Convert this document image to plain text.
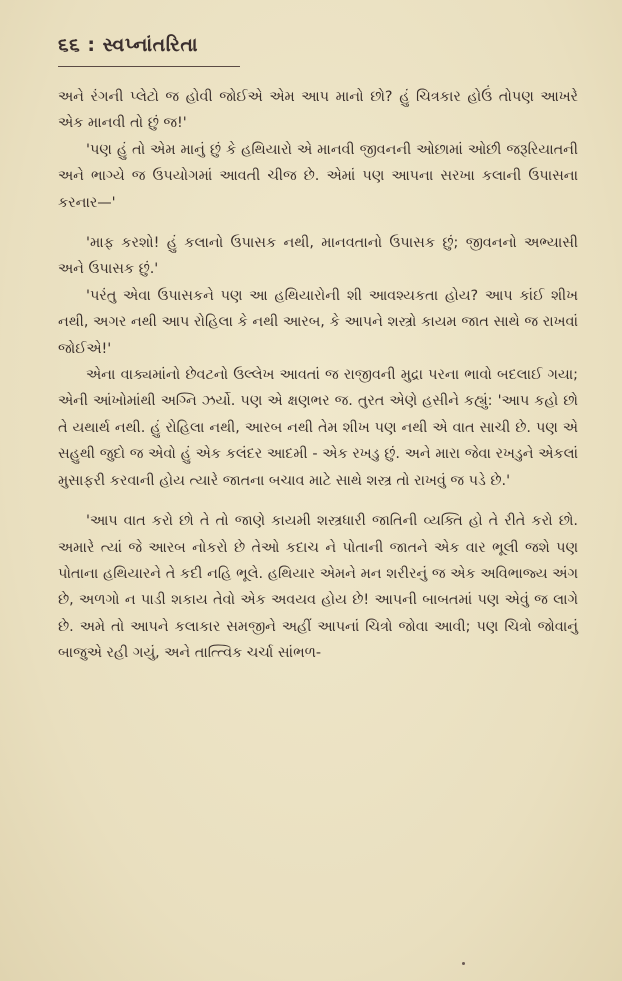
૬૬ : સ્વપ્નાંતરિતા

અને રંગની પ્લેટો જ હોવી જોઈએ એમ આપ માનો છો? હું ચિત્રકાર હોઉં તોપણ આખરે એક માનવી તો છું જ!'

'પણ હું તો એમ માનું છું કે હથિયારો એ માનવી જીવનની ઓછામાં ઓછી જરૂરિયાતની અને ભાગ્યે જ ઉપયોગમાં આવતી ચીજ છે. એમાં પણ આપના સરખા કલાની ઉપાસના કરનાર—'

'માફ કરશો! હું કલાનો ઉપાસક નથી, માનવતાનો ઉપાસક છું; જીવનનો અભ્યાસી અને ઉપાસક છું.'

'પરંતુ એવા ઉપાસકને પણ આ હથિયારોની શી આવશ્યકતા હોય? આપ કાંઈ શીખ નથી, અગર નથી આપ રોહિલા કે નથી આરબ, કે આપને શસ્ત્રો કાયમ જાત સાથે જ રાખવાં જોઈએ!'

એના વાક્યમાંનો છેવટનો ઉલ્લેખ આવતાં જ રાજીવની મુદ્રા પરના ભાવો બદલાઈ ગયા; એની આંખોમાંથી અગ્નિ ઝર્યો. પણ એ ક્ષણભર જ. તુરત એણે હસીને કહ્યું: 'આપ કહો છો તે યથાર્થ નથી. હું રોહિલા નથી, આરબ નથી તેમ શીખ પણ નથી એ વાત સાચી છે. પણ એ સહુથી જુદો જ એવો હું એક કલંદર આદમી - એક રખડુ છું. અને મારા જેવા રખડુને એકલાં મુસાફરી કરવાની હોય ત્યારે જાતના બચાવ માટે સાથે શસ્ત્ર તો રાખવું જ પડે છે.'

'આપ વાત કરો છો તે તો જાણે કાયમી શસ્ત્રધારી જાતિની વ્યક્તિ હો તે રીતે કરો છો. અમારે ત્યાં જે આરબ નોકરો છે તેઓ કદાચ ને પોતાની જાતને એક વાર ભૂલી જશે પણ પોતાના હથિયારને તે કદી નહિ ભૂલે. હથિયાર એમને મન શરીરનું જ એક અવિભાજ્ય અંગ છે, અળગો ન પાડી શકાય તેવો એક અવયવ હોય છે! આપની બાબતમાં પણ એવું જ લાગે છે. અમે તો આપને કલાકાર સમજીને અહીં આપનાં ચિત્રો જોવા આવી; પણ ચિત્રો જોવાનું બાજુએ રહી ગયું, અને તાત્ત્વિક ચર્ચા સાંભળ-
